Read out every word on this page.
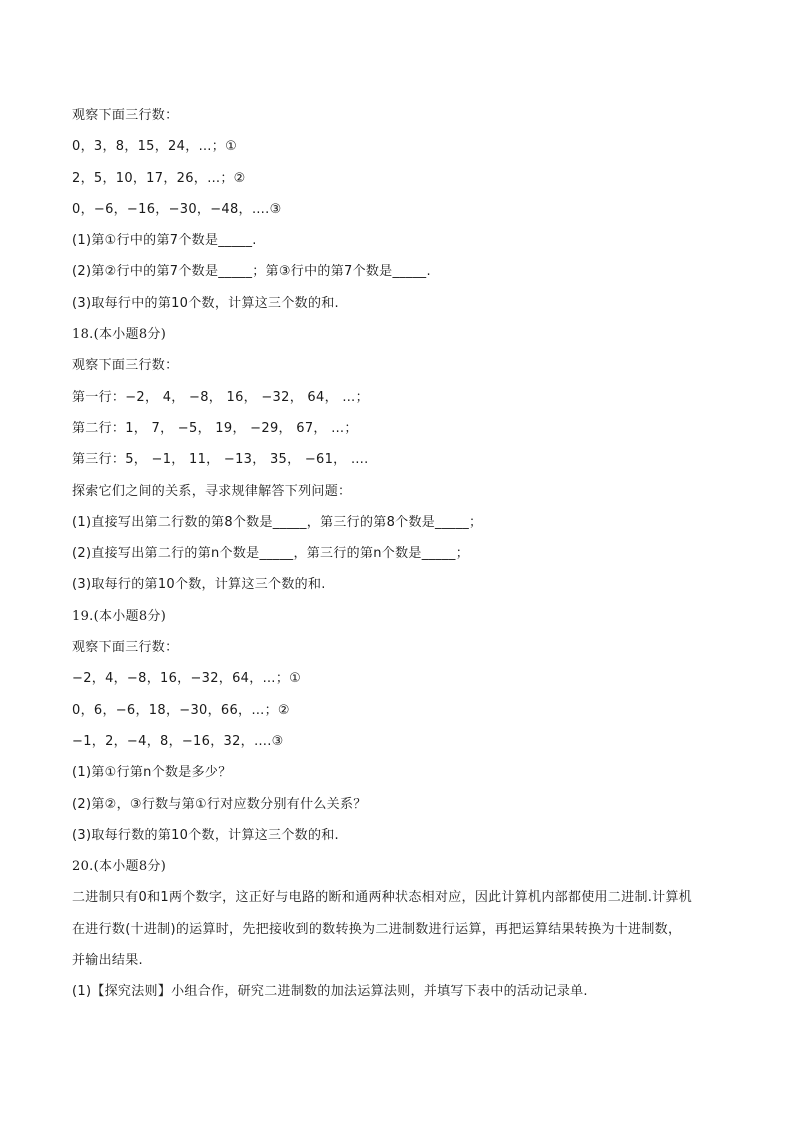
观察下面三行数：
0，3，8，15，24，…；①
2，5，10，17，26，…；②
0，−6，−16，−30，−48，….③
(1)第①行中的第7个数是_____.
(2)第②行中的第7个数是_____；第③行中的第7个数是_____.
(3)取每行中的第10个数，计算这三个数的和.
18.(本小题8分)
观察下面三行数：
第一行：−2， 4， −8， 16， −32， 64， …；
第二行：1， 7， −5， 19， −29， 67， …；
第三行：5， −1， 11， −13， 35， −61， ….
探索它们之间的关系，寻求规律解答下列问题：
(1)直接写出第二行数的第8个数是_____，第三行的第8个数是_____；
(2)直接写出第二行的第n个数是_____，第三行的第n个数是_____；
(3)取每行的第10个数，计算这三个数的和.
19.(本小题8分)
观察下面三行数：
−2，4，−8，16，−32，64，…；①
0，6，−6，18，−30，66，…；②
−1，2，−4，8，−16，32，….③
(1)第①行第n个数是多少？
(2)第②，③行数与第①行对应数分别有什么关系？
(3)取每行数的第10个数，计算这三个数的和.
20.(本小题8分)
二进制只有0和1两个数字，这正好与电路的断和通两种状态相对应，因此计算机内部都使用二进制.计算机
在进行数(十进制)的运算时，先把接收到的数转换为二进制数进行运算，再把运算结果转换为十进制数，
并输出结果.
(1)【探究法则】小组合作，研究二进制数的加法运算法则，并填写下表中的活动记录单.
